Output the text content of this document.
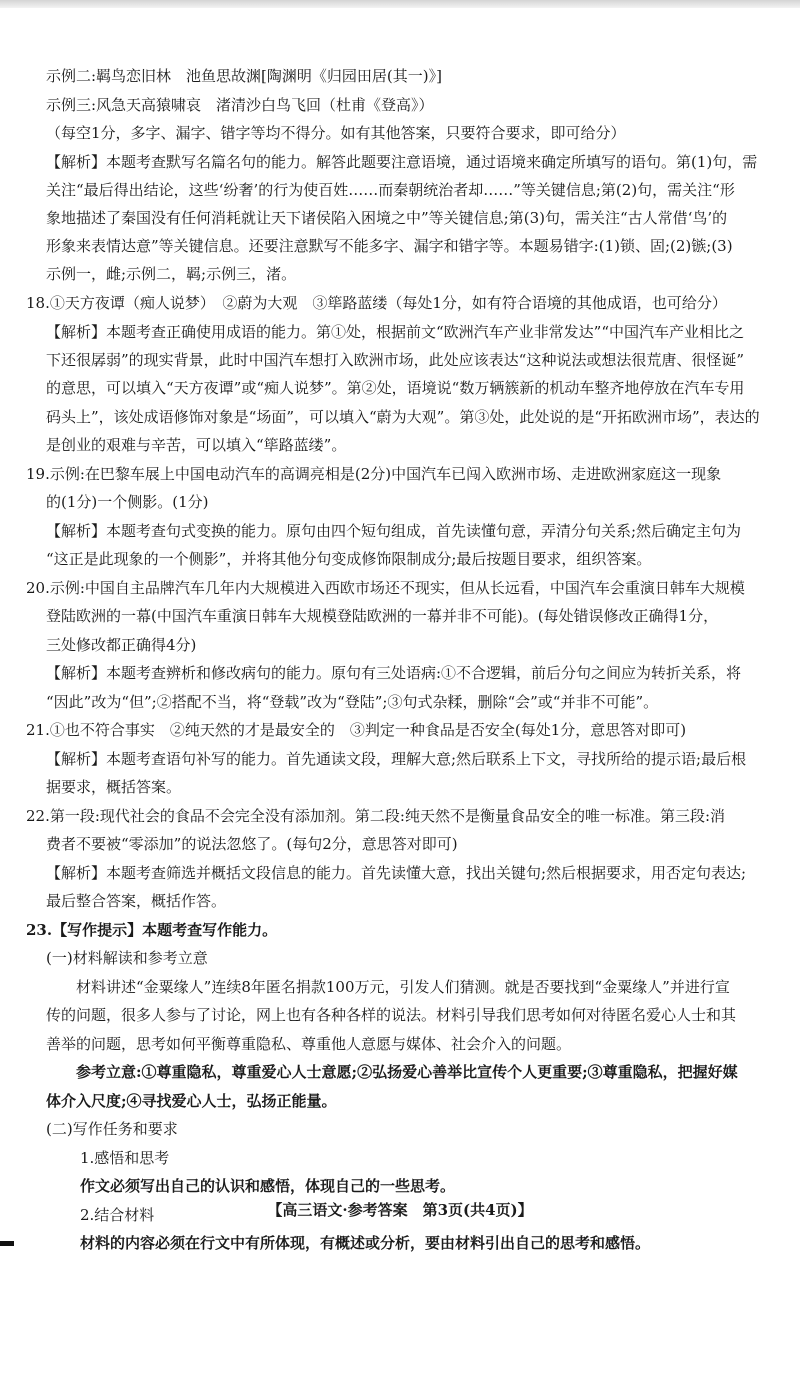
示例二:羁鸟恋旧林　池鱼思故渊[陶渊明《归园田居(其一)》]
示例三:风急天高猿啸哀　渚清沙白鸟飞回（杜甫《登高》）
（每空1分，多字、漏字、错字等均不得分。如有其他答案，只要符合要求，即可给分）
【解析】本题考查默写名篇名句的能力。解答此题要注意语境，通过语境来确定所填写的语句。第(1)句，需
关注“最后得出结论，这些‘纷奢’的行为使百姓……而秦朝统治者却……”等关键信息;第(2)句，需关注“形
象地描述了秦国没有任何消耗就让天下诸侯陷入困境之中”等关键信息;第(3)句，需关注“古人常借‘鸟’的
形象来表情达意”等关键信息。还要注意默写不能多字、漏字和错字等。本题易错字:(1)锁、固;(2)镞;(3)
示例一，雌;示例二，羁;示例三，渚。
18.①天方夜谭（痴人说梦）　②蔚为大观　③筚路蓝缕（每处1分，如有符合语境的其他成语，也可给分）
【解析】本题考查正确使用成语的能力。第①处，根据前文“欧洲汽车产业非常发达”“中国汽车产业相比之
下还很孱弱”的现实背景，此时中国汽车想打入欧洲市场，此处应该表达“这种说法或想法很荒唐、很怪诞”
的意思，可以填入“天方夜谭”或“痴人说梦”。第②处，语境说“数万辆簇新的机动车整齐地停放在汽车专用
码头上”，该处成语修饰对象是“场面”，可以填入“蔚为大观”。第③处，此处说的是“开拓欧洲市场”，表达的
是创业的艰难与辛苦，可以填入“筚路蓝缕”。
19.示例:在巴黎车展上中国电动汽车的高调亮相是(2分)中国汽车已闯入欧洲市场、走进欧洲家庭这一现象
的(1分)一个侧影。(1分)
【解析】本题考查句式变换的能力。原句由四个短句组成，首先读懂句意，弄清分句关系;然后确定主句为
“这正是此现象的一个侧影”，并将其他分句变成修饰限制成分;最后按题目要求，组织答案。
20.示例:中国自主品牌汽车几年内大规模进入西欧市场还不现实，但从长远看，中国汽车会重演日韩车大规模
登陆欧洲的一幕(中国汽车重演日韩车大规模登陆欧洲的一幕并非不可能)。(每处错误修改正确得1分，
三处修改都正确得4分)
【解析】本题考查辨析和修改病句的能力。原句有三处语病:①不合逻辑，前后分句之间应为转折关系，将
“因此”改为“但”;②搭配不当，将“登载”改为“登陆”;③句式杂糅，删除“会”或“并非不可能”。
21.①也不符合事实　②纯天然的才是最安全的　③判定一种食品是否安全(每处1分，意思答对即可)
【解析】本题考查语句补写的能力。首先通读文段，理解大意;然后联系上下文，寻找所给的提示语;最后根
据要求，概括答案。
22.第一段:现代社会的食品不会完全没有添加剂。第二段:纯天然不是衡量食品安全的唯一标准。第三段:消
费者不要被“零添加”的说法忽悠了。(每句2分，意思答对即可)
【解析】本题考查筛选并概括文段信息的能力。首先读懂大意，找出关键句;然后根据要求，用否定句表达;
最后整合答案，概括作答。
23.【写作提示】本题考查写作能力。
(一)材料解读和参考立意
材料讲述“金粟缘人”连续8年匿名捐款100万元，引发人们猜测。就是否要找到“金粟缘人”并进行宣
传的问题，很多人参与了讨论，网上也有各种各样的说法。材料引导我们思考如何对待匿名爱心人士和其
善举的问题，思考如何平衡尊重隐私、尊重他人意愿与媒体、社会介入的问题。
参考立意:①尊重隐私，尊重爱心人士意愿;②弘扬爱心善举比宣传个人更重要;③尊重隐私，把握好媒
体介入尺度;④寻找爱心人士，弘扬正能量。
(二)写作任务和要求
1.感悟和思考
作文必须写出自己的认识和感悟，体现自己的一些思考。
2.结合材料
材料的内容必须在行文中有所体现，有概述或分析，要由材料引出自己的思考和感悟。
【高三语文·参考答案　第3页(共4页)】
